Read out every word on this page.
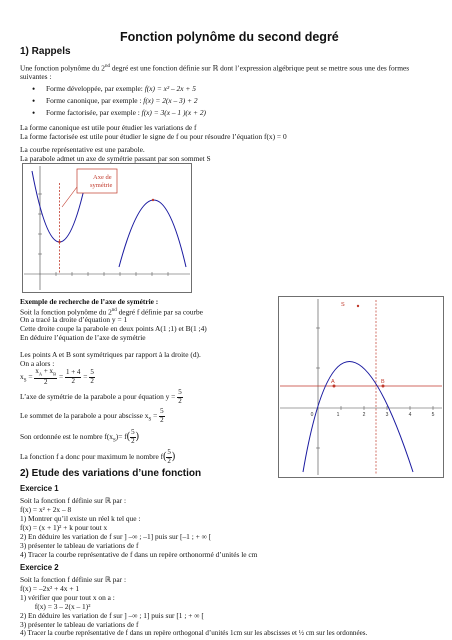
Fonction polynôme du second degré
1) Rappels
Une fonction polynôme du 2nd degré est une fonction définie sur ℝ dont l’expression algébrique peut se mettre sous une des formes
suivantes :
• Forme développée, par exemple: f(x) = x² – 2x + 5
• Forme canonique, par exemple : f(x) = 2(x – 3) + 2
• Forme factorisée, par exemple : f(x) = 3(x – 1 )(x + 2)
La forme canonique est utile pour étudier les variations de f
La forme factorisée est utile pour étudier le signe de f ou pour résoudre l’équation f(x) = 0
La courbe représentative est une parabole.
La parabole admet un axe de symétrie passant par son sommet S
Axe de
symétrie
Exemple de recherche de l’axe de symétrie :
Soit la fonction polynôme du 2nd degré f définie par sa courbe
On a tracé la droite d’équation y = 1
Cette droite coupe la parabole en deux points A(1 ;1) et B(1 ;4)
En déduire l’équation de l’axe de symétrie
Les points A et B sont symétriques par rapport à la droite (d).
On a alors :
$x_S = \frac{x_A + x_B}{2} = \frac{1 + 4}{2} = \frac{5}{2}$
L’axe de symétrie de la parabole a pour équation $y = \frac{5}{2}$
Le sommet de la parabole a pour abscisse $x_S = \frac{5}{2}$
Son ordonnée est le nombre $f(x_S)= f( \frac{5}{2}$ )
La fonction f a donc pour maximum le nombre $f( \frac{5}{2}$ )
1	2	3	4	5
0
S
A	B
2) Etude des variations d’une fonction
Exercice 1
Soit la fonction f définie sur ℝ par :
f(x) = x² + 2x – 8
1) Montrer qu’il existe un réel k tel que :
f(x) = (x + 1)² + k pour tout x
2) En déduire les variation de f sur ] –∞ ; –1] puis sur [–1 ; + ∞ [
3) présenter le tableau de variations de f
4) Tracer la courbe représentative de f dans un repère orthonormé d’unités le cm
Exercice 2
Soit la fonction f définie sur ℝ par :
f(x) = –2x² + 4x + 1
1) vérifier que pour tout x on a :
f(x) = 3 – 2(x – 1)²
2) En déduire les variation de f sur ] –∞ ; 1] puis sur [1 ; + ∞ [
3) présenter le tableau de variations de f
4) Tracer la courbe représentative de f dans un repère orthogonal d’unités 1cm sur les abscisses et ½ cm sur les ordonnées.
